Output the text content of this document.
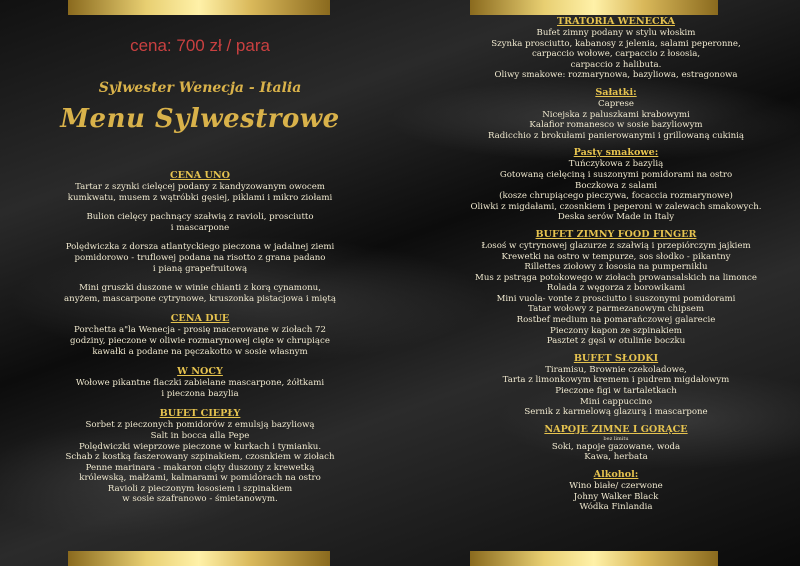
cena: 700 zł / para
Sylwester Wenecja - Italia
Menu Sylwestrowe
CENA UNO
Tartar z szynki cielęcej podany z kandyzowanym owocem
kumkwatu, musem z wątróbki gęsiej, piklami i mikro ziołami
Bulion cielęcy pachnący szałwią z ravioli, prosciutto
i mascarpone
Polędwiczka z dorsza atlantyckiego pieczona w jadalnej ziemi
pomidorowo - truflowej podana na risotto z grana padano
i pianą grapefruitową
Mini gruszki duszone w winie chianti z korą cynamonu,
anyżem, mascarpone cytrynowe, kruszonka pistacjowa i miętą
CENA DUE
Porchetta a"la Wenecja - prosię macerowane w ziołach 72
godziny, pieczone w oliwie rozmarynowej cięte w chrupiące
kawałki a podane na pęczakotto w sosie własnym
W NOCY
Wołowe pikantne flaczki zabielane mascarpone, żółtkami
i pieczona bazylia
BUFET CIEPŁY
Sorbet z pieczonych pomidorów z emulsją bazyliową
Salt in bocca alla Pepe
Polędwiczki wieprzowe pieczone w kurkach i tymianku.
Schab z kostką faszerowany szpinakiem, czosnkiem w ziołach
Penne marinara - makaron cięty duszony z krewetką
królewską, małżami, kalmarami w pomidorach na ostro
Ravioli z pieczonym łososiem i szpinakiem
w sosie szafranowo - śmietanowym.
TRATORIA WENECKA
Bufet zimny podany w stylu włoskim
Szynka prosciutto, kabanosy z jelenia, salami peperonne,
carpaccio wołowe, carpaccio z łososia,
carpaccio z halibuta.
Oliwy smakowe: rozmarynowa, bazyliowa, estragonowa
Sałatki:
Caprese
Nicejska z paluszkami krabowymi
Kalafior romanesco w sosie bazyliowym
Radicchio z brokułami panierowanymi i grillowaną cukinią
Pasty smakowe:
Tuńczykowa z bazylią
Gotowaną cielęciną i suszonymi pomidorami na ostro
Boczkowa z salami
(kosze chrupiącego pieczywa, focaccia rozmarynowe)
Oliwki z migdałami, czosnkiem i peperoni w zalewach smakowych.
Deska serów Made in Italy
BUFET ZIMNY FOOD FINGER
Łosoś w cytrynowej glazurze z szałwią i przepiórczym jajkiem
Krewetki na ostro w tempurze, sos słodko - pikantny
Rillettes ziołowy z łososia na pumperniklu
Mus z pstrąga potokowego w ziołach prowansalskich na limonce
Rolada z węgorza z borowikami
Mini vuola- vonte z prosciutto i suszonymi pomidorami
Tatar wołowy z parmezanowym chipsem
Rostbef medium na pomarańczowej galarecie
Pieczony kapon ze szpinakiem
Pasztet z gęsi w otulinie boczku
BUFET SŁODKI
Tiramisu, Brownie czekoladowe,
Tarta z limonkowym kremem i pudrem migdałowym
Pieczone figi w tartaletkach
Mini cappuccino
Sernik z karmelową glazurą i mascarpone
NAPOJE ZIMNE I GORĄCE
bez limitu
Soki, napoje gazowane, woda
Kawa, herbata
Alkohol:
Wino białe/ czerwone
Johny Walker Black
Wódka Finlandia
